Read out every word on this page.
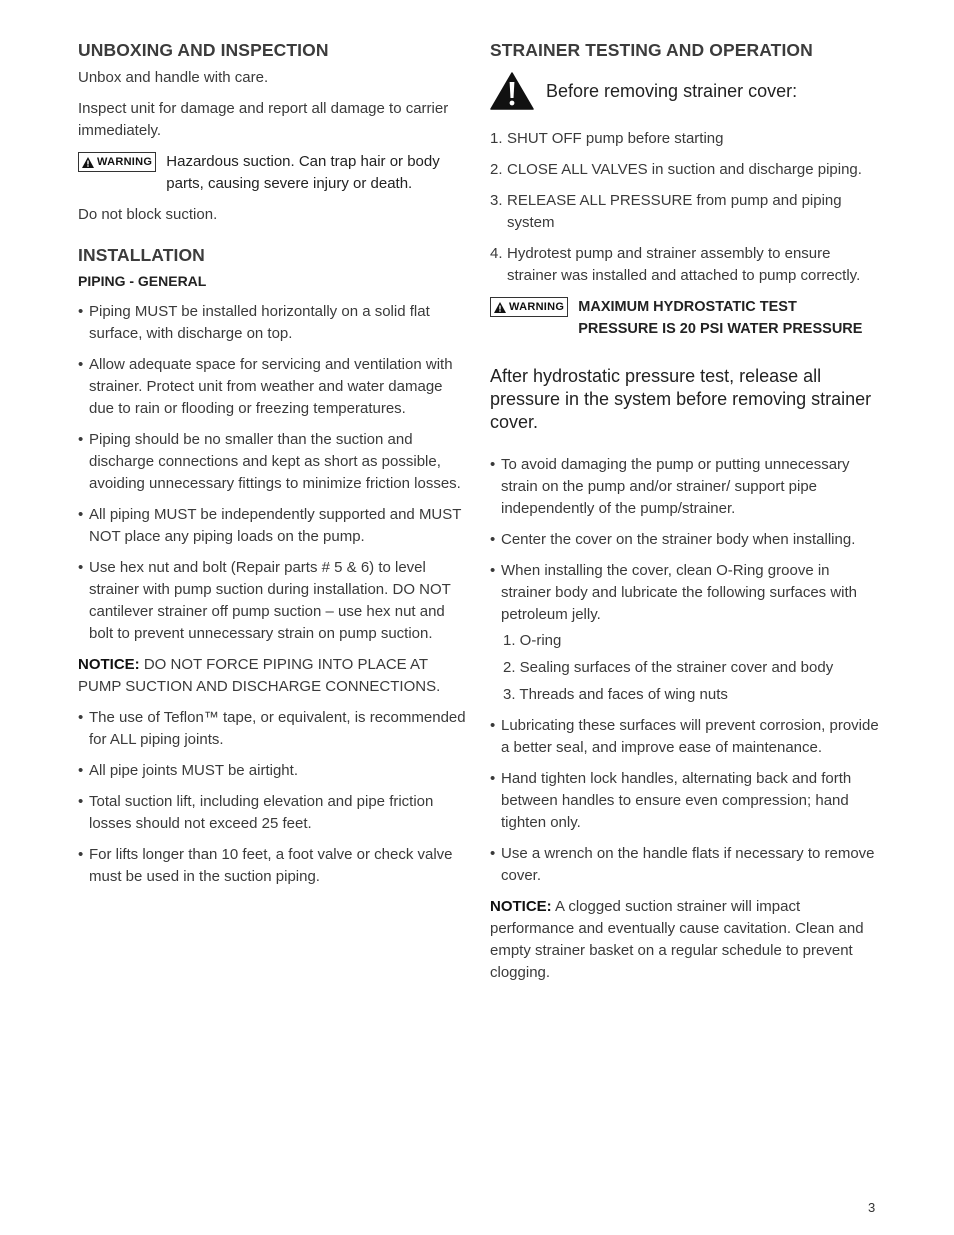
UNBOXING AND INSPECTION

Unbox and handle with care.

Inspect unit for damage and report all damage to carrier immediately.

WARNING Hazardous suction. Can trap hair or body parts, causing severe injury or death.

Do not block suction.

INSTALLATION
PIPING - GENERAL
• Piping MUST be installed horizontally on a solid flat surface, with discharge on top.
• Allow adequate space for servicing and ventilation with strainer. Protect unit from weather and water damage due to rain or flooding or freezing temperatures.
• Piping should be no smaller than the suction and discharge connections and kept as short as possible, avoiding unnecessary fittings to minimize friction losses.
• All piping MUST be independently supported and MUST NOT place any piping loads on the pump.
• Use hex nut and bolt (Repair parts # 5 & 6) to level strainer with pump suction during installation. DO NOT cantilever strainer off pump suction – use hex nut and bolt to prevent unnecessary strain on pump suction.

NOTICE: DO NOT FORCE PIPING INTO PLACE AT PUMP SUCTION AND DISCHARGE CONNECTIONS.

• The use of Teflon™ tape, or equivalent, is recommended for ALL piping joints.
• All pipe joints MUST be airtight.
• Total suction lift, including elevation and pipe friction losses should not exceed 25 feet.
• For lifts longer than 10 feet, a foot valve or check valve must be used in the suction piping.
STRAINER TESTING AND OPERATION
Before removing strainer cover:
1. SHUT OFF pump before starting
2. CLOSE ALL VALVES in suction and discharge piping.
3. RELEASE ALL PRESSURE from pump and piping system
4. Hydrotest pump and strainer assembly to ensure strainer was installed and attached to pump correctly.
WARNING MAXIMUM HYDROSTATIC TEST PRESSURE IS 20 PSI WATER PRESSURE

After hydrostatic pressure test, release all pressure in the system before removing strainer cover.

• To avoid damaging the pump or putting unnecessary strain on the pump and/or strainer/ support pipe independently of the pump/strainer.
• Center the cover on the strainer body when installing.
• When installing the cover, clean O-Ring groove in strainer body and lubricate the following surfaces with petroleum jelly.
1. O-ring
2. Sealing surfaces of the strainer cover and body
3. Threads and faces of wing nuts
• Lubricating these surfaces will prevent corrosion, provide a better seal, and improve ease of maintenance.
• Hand tighten lock handles, alternating back and forth between handles to ensure even compression; hand tighten only.
• Use a wrench on the handle flats if necessary to remove cover.

NOTICE: A clogged suction strainer will impact performance and eventually cause cavitation. Clean and empty strainer basket on a regular schedule to prevent clogging.

3
